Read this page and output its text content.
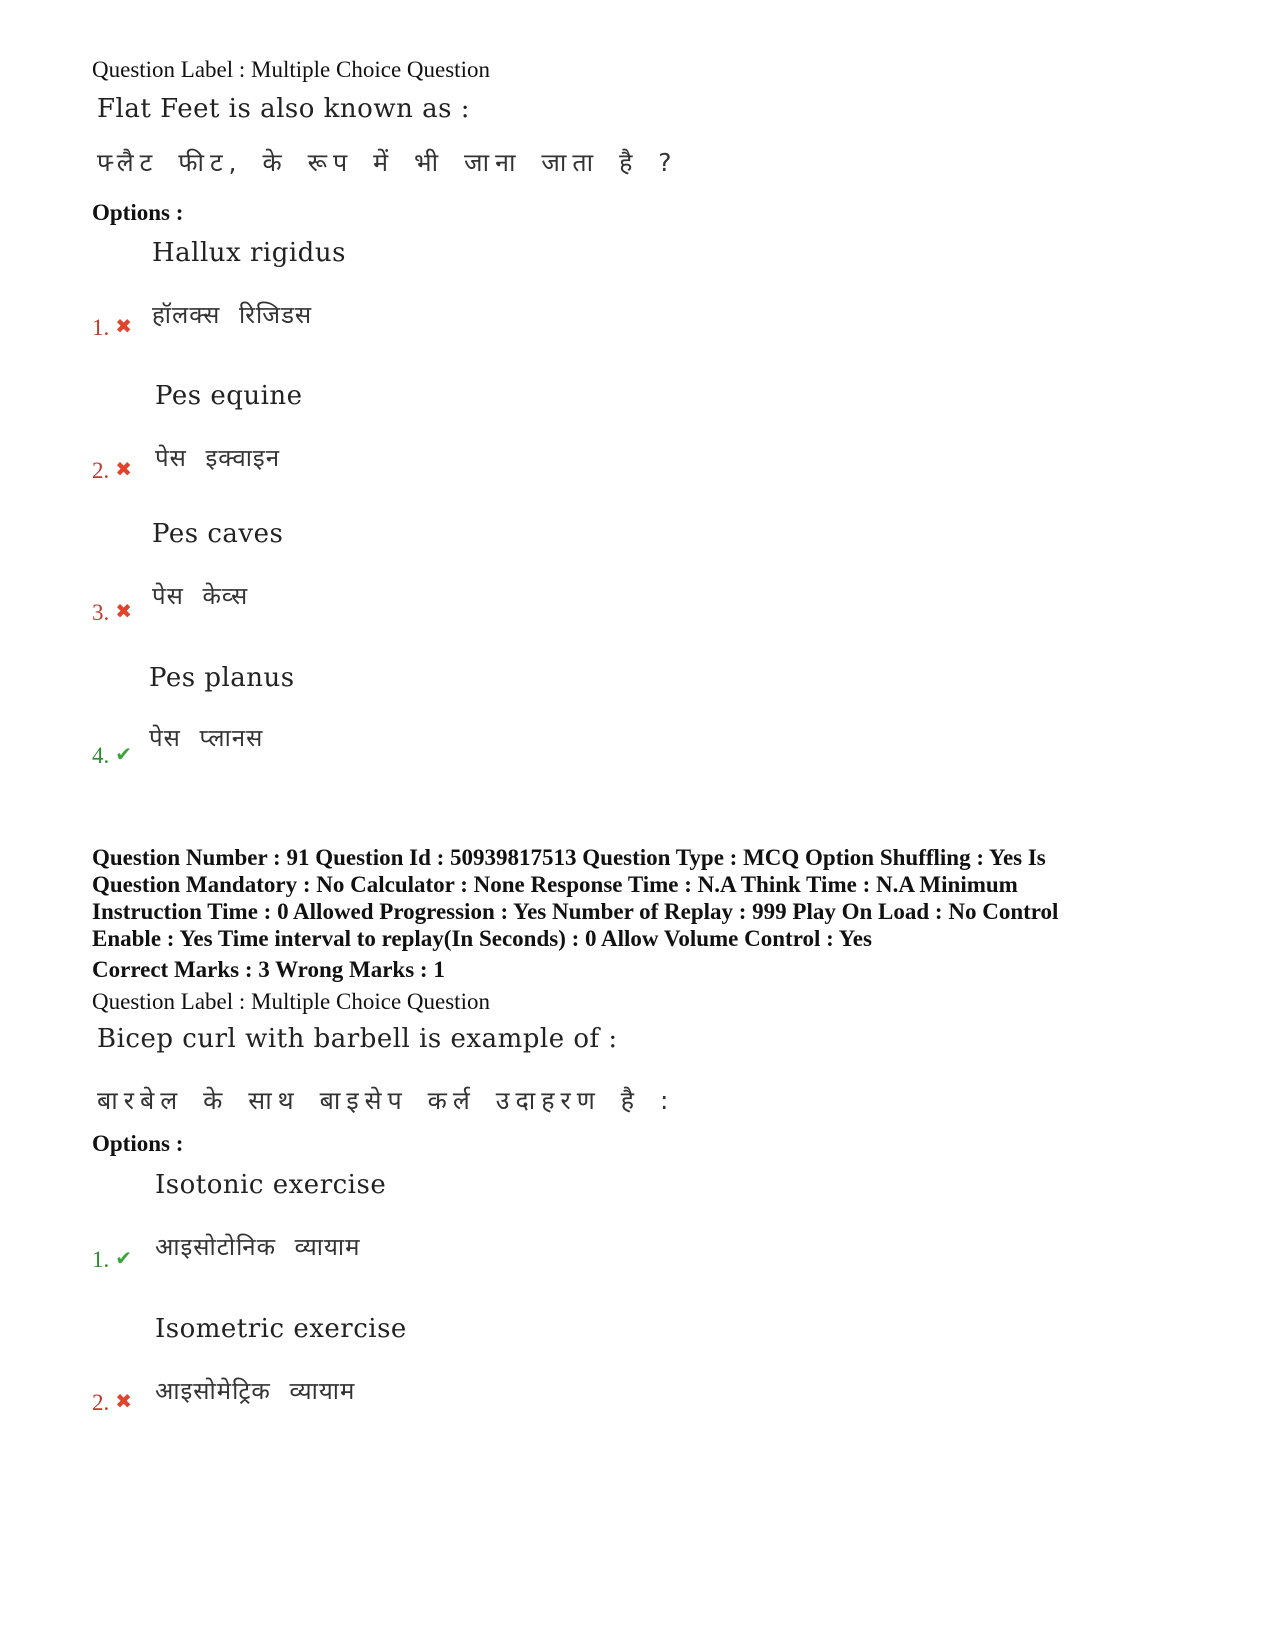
Question Label : Multiple Choice Question
Flat Feet is also known as :
फ्लैट फीट, के रूप में भी जाना जाता है ?
Options :
Hallux rigidus
हॉलक्स रिजिडस
1. ✖
Pes equine
पेस इक्वाइन
2. ✖
Pes caves
पेस केव्स
3. ✖
Pes planus
पेस प्लानस
4. ✔
Question Number : 91 Question Id : 50939817513 Question Type : MCQ Option Shuffling : Yes Is Question Mandatory : No Calculator : None Response Time : N.A Think Time : N.A Minimum Instruction Time : 0 Allowed Progression : Yes Number of Replay : 999 Play On Load : No Control Enable : Yes Time interval to replay(In Seconds) : 0 Allow Volume Control : Yes
Correct Marks : 3 Wrong Marks : 1
Question Label : Multiple Choice Question
Bicep curl with barbell is example of :
बारबेल के साथ बाइसेप कर्ल उदाहरण है :
Options :
Isotonic exercise
आइसोटोनिक व्यायाम
1. ✔
Isometric exercise
आइसोमेट्रिक व्यायाम
2. ✖
